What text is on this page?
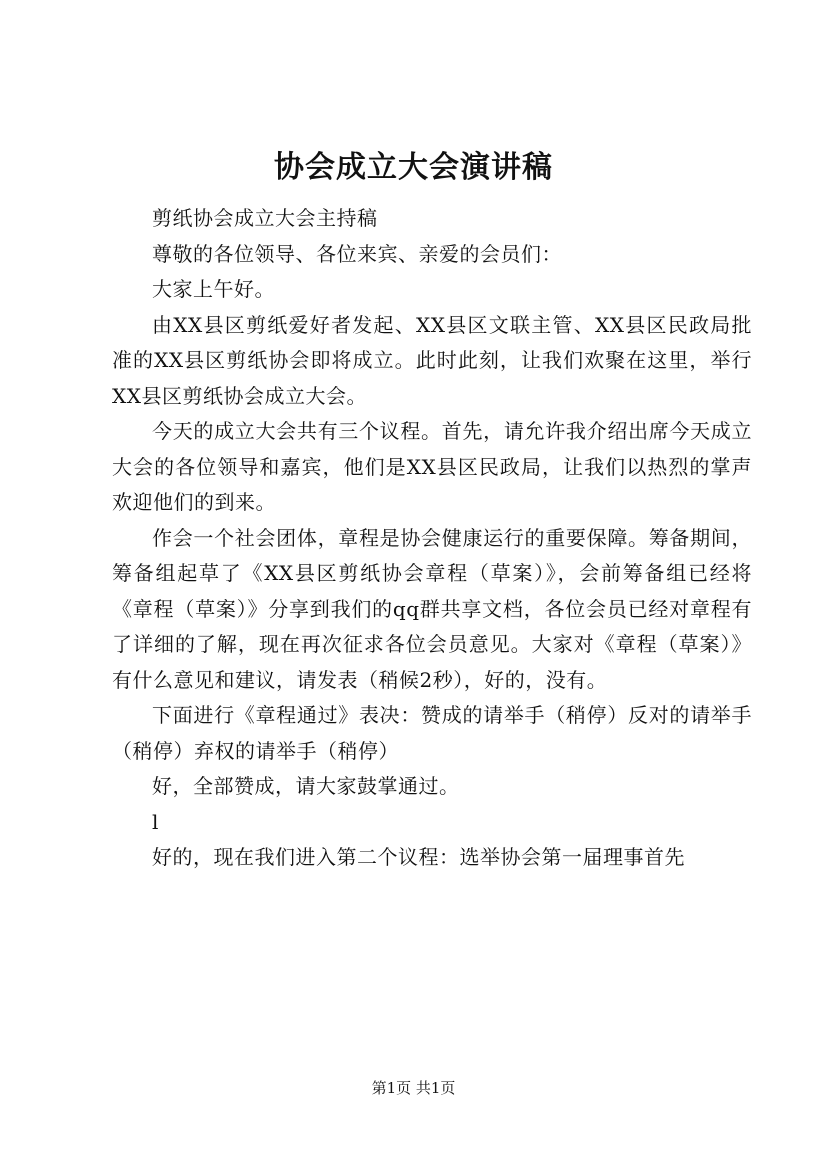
协会成立大会演讲稿

剪纸协会成立大会主持稿

尊敬的各位领导、各位来宾、亲爱的会员们：

大家上午好。

由XX县区剪纸爱好者发起、XX县区文联主管、XX县区民政局批准的XX县区剪纸协会即将成立。此时此刻，让我们欢聚在这里，举行XX县区剪纸协会成立大会。

今天的成立大会共有三个议程。首先，请允许我介绍出席今天成立大会的各位领导和嘉宾，他们是XX县区民政局，让我们以热烈的掌声欢迎他们的到来。

作会一个社会团体，章程是协会健康运行的重要保障。筹备期间，筹备组起草了《XX县区剪纸协会章程（草案）》，会前筹备组已经将《章程（草案）》分享到我们的qq群共享文档，各位会员已经对章程有了详细的了解，现在再次征求各位会员意见。大家对《章程（草案）》有什么意见和建议，请发表（稍候2秒），好的，没有。

下面进行《章程通过》表决：赞成的请举手（稍停）反对的请举手（稍停）弃权的请举手（稍停）

好，全部赞成，请大家鼓掌通过。

l

好的，现在我们进入第二个议程：选举协会第一届理事首先

第1页 共1页
